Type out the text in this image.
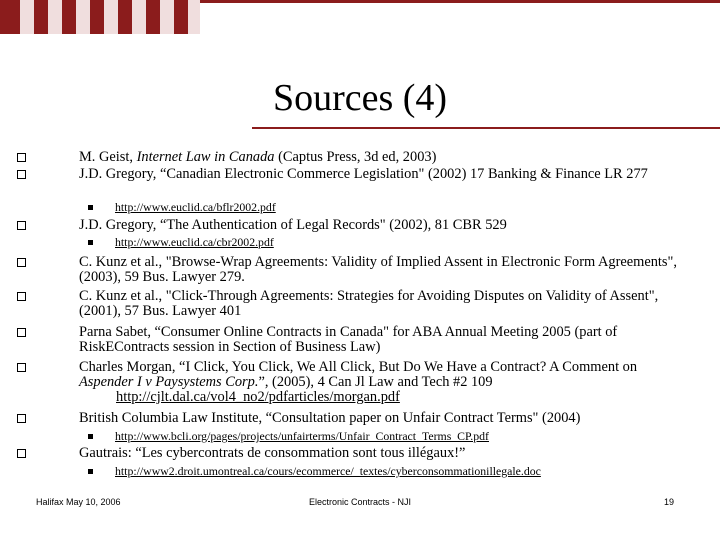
Sources (4)
M. Geist, Internet Law in Canada (Captus Press, 3d ed, 2003)
J.D. Gregory, “Canadian Electronic Commerce Legislation" (2002) 17 Banking & Finance LR 277
http://www.euclid.ca/bflr2002.pdf
J.D. Gregory, “The Authentication of Legal Records" (2002), 81 CBR 529
http://www.euclid.ca/cbr2002.pdf
C. Kunz et al., "Browse-Wrap Agreements: Validity of Implied Assent in Electronic Form Agreements", (2003), 59 Bus. Lawyer 279.
C. Kunz et al., "Click-Through Agreements: Strategies for Avoiding Disputes on Validity of Assent", (2001), 57 Bus. Lawyer 401
Parna Sabet, “Consumer Online Contracts in Canada" for ABA Annual Meeting 2005 (part of RiskEContracts session in Section of Business Law)
Charles Morgan, “I Click, You Click, We All Click, But Do We Have a Contract? A Comment on Aspender I v Paysystems Corp.”, (2005), 4 Can Jl Law and Tech #2 109
http://cjlt.dal.ca/vol4_no2/pdfarticles/morgan.pdf
British Columbia Law Institute, “Consultation paper on Unfair Contract Terms" (2004)
http://www.bcli.org/pages/projects/unfairterms/Unfair_Contract_Terms_CP.pdf
Gautrais: “Les cybercontrats de consommation sont tous illégaux!”
http://www2.droit.umontreal.ca/cours/ecommerce/_textes/cyberconsommationillegale.doc
Halifax May 10, 2006	Electronic Contracts - NJI	19
